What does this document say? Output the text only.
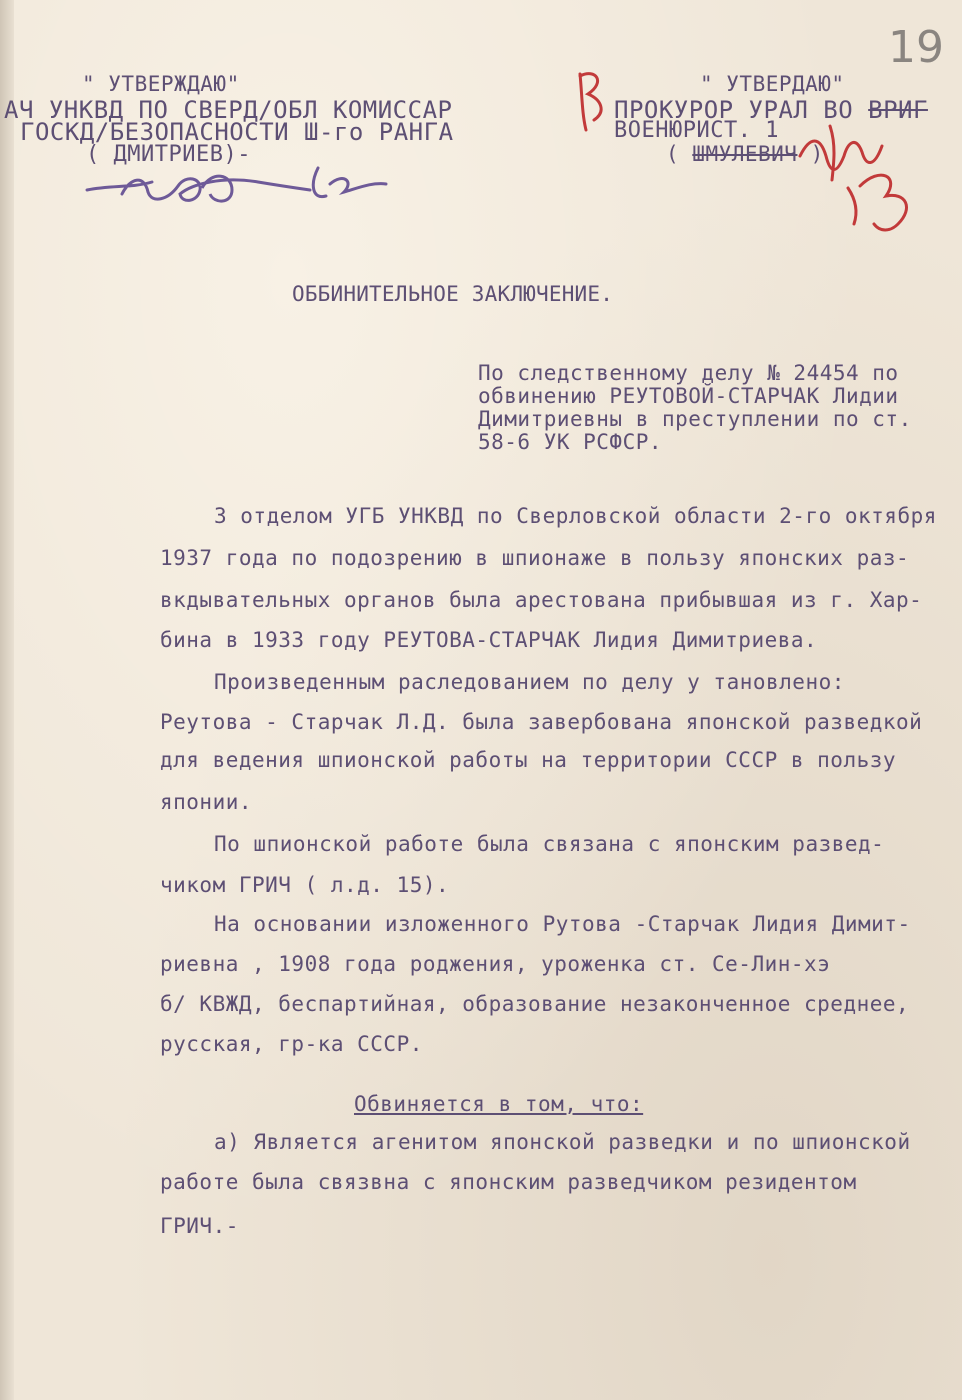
19

" УТВЕРЖДАЮ"

АЧ УНКВД ПО СВЕРД/ОБЛ КОМИССАР

ГОСКД/БЕЗОПАСНОСТИ Ш-го РАНГА

( ДМИТРИЕВ)-

" УТВЕРДАЮ"

ПРОКУРОР УРАЛ ВО ВРИГ

ВОЕНЮРИСТ. 1

( ШМУЛЕВИЧ )

ОББИНИТЕЛЬНОЕ ЗАКЛЮЧЕНИЕ.

По следственному делу № 24454 по

обвинению РЕУТОВОЙ-СТАРЧАК Лидии

Димитриевны в преступлении по ст.

58-6 УК РСФСР.

3 отделом УГБ УНКВД по Сверловской области 2-го октября

1937 года по подозрению в шпионаже в пользу японских раз-

вкдывательных органов была арестована прибывшая из г. Хар-

бина в 1933 году РЕУТОВА-СТАРЧАК Лидия Димитриева.

Произведенным раследованием по делу у тановлено:

Реутова - Старчак Л.Д. была завербована японской разведкой

для ведения шпионской работы на территории СССР в пользу

японии.

По шпионской работе была связана с японским развед-

чиком ГРИЧ ( л.д. 15).

На основании изложенного Рутова -Старчак Лидия Димит-

риевна , 1908 года роджения, уроженка ст. Се-Лин-хэ

б/ КВЖД, беспартийная, образование незаконченное среднее,

русская, гр-ка СССР.

Обвиняется в том, что:

а) Является агенитом японской разведки и по шпионской

работе была связвна с японским разведчиком резидентом

ГРИЧ.-
